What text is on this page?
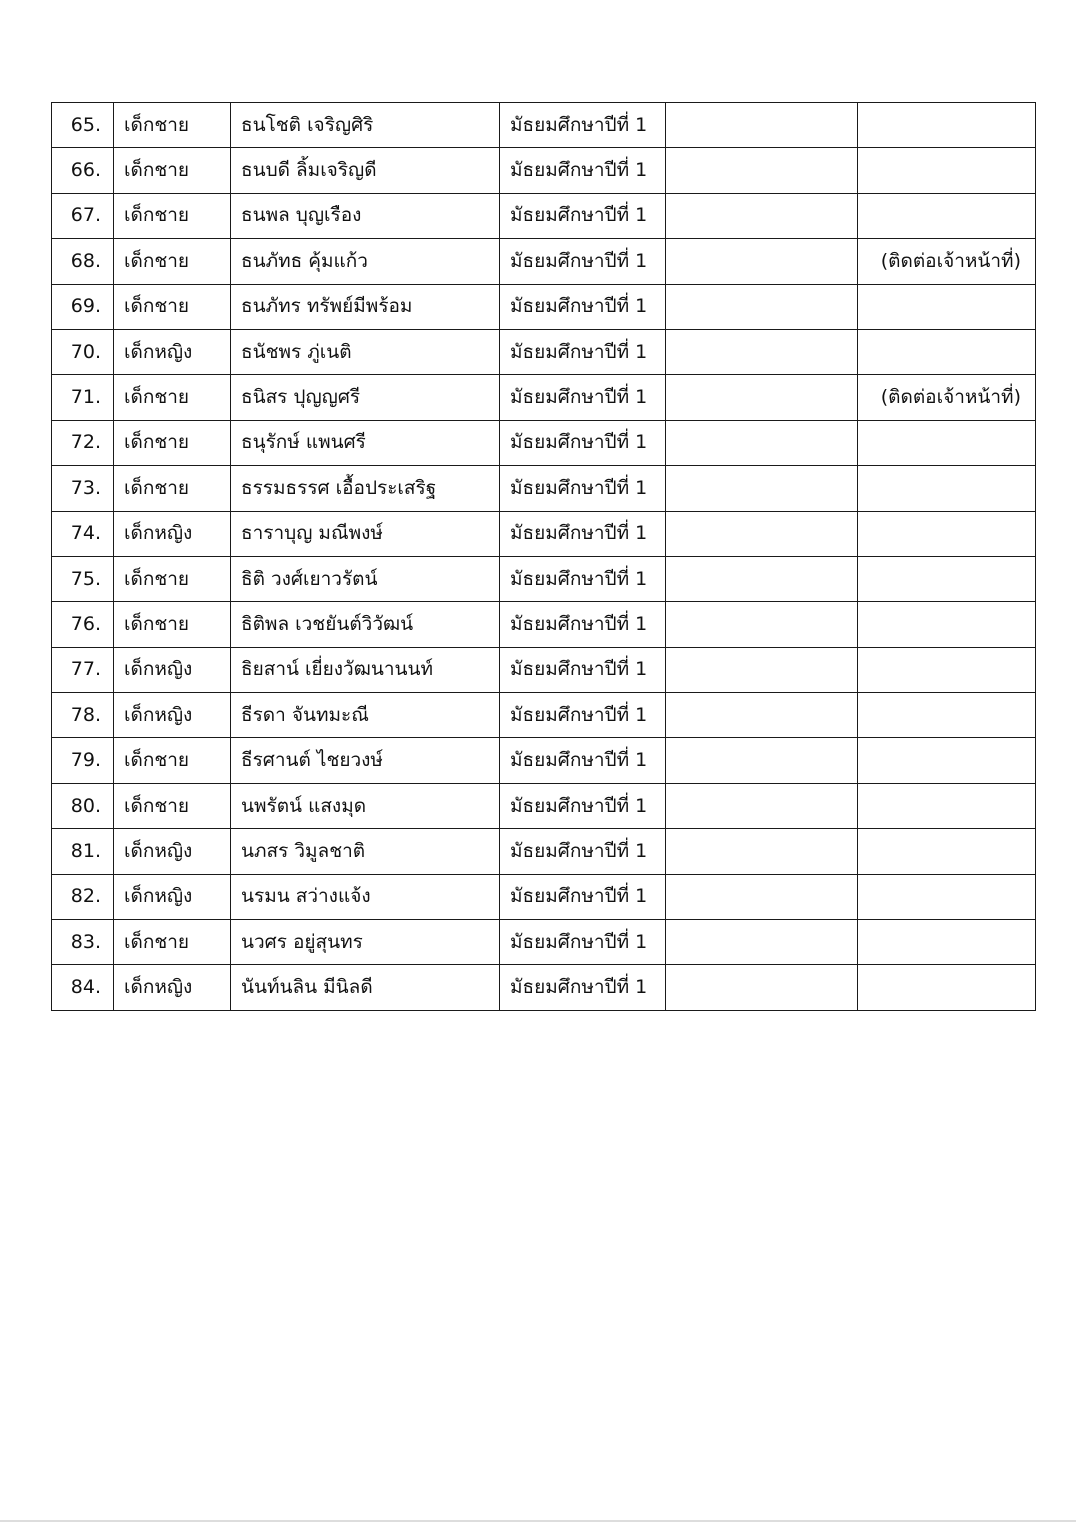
65.	เด็กชาย	ธนโชติ เจริญศิริ	มัธยมศึกษาปีที่ 1		
66.	เด็กชาย	ธนบดี ลิ้มเจริญดี	มัธยมศึกษาปีที่ 1		
67.	เด็กชาย	ธนพล บุญเรือง	มัธยมศึกษาปีที่ 1		
68.	เด็กชาย	ธนภัทธ คุ้มแก้ว	มัธยมศึกษาปีที่ 1		(ติดต่อเจ้าหน้าที่)
69.	เด็กชาย	ธนภัทร ทรัพย์มีพร้อม	มัธยมศึกษาปีที่ 1		
70.	เด็กหญิง	ธนัชพร ภู่เนติ	มัธยมศึกษาปีที่ 1		
71.	เด็กชาย	ธนิสร ปุญญศรี	มัธยมศึกษาปีที่ 1		(ติดต่อเจ้าหน้าที่)
72.	เด็กชาย	ธนุรักษ์ แพนศรี	มัธยมศึกษาปีที่ 1		
73.	เด็กชาย	ธรรมธรรศ เอื้อประเสริฐ	มัธยมศึกษาปีที่ 1		
74.	เด็กหญิง	ธาราบุญ มณีพงษ์	มัธยมศึกษาปีที่ 1		
75.	เด็กชาย	ธิติ วงศ์เยาวรัตน์	มัธยมศึกษาปีที่ 1		
76.	เด็กชาย	ธิติพล เวชยันต์วิวัฒน์	มัธยมศึกษาปีที่ 1		
77.	เด็กหญิง	ธิยสาน์ เยี่ยงวัฒนานนท์	มัธยมศึกษาปีที่ 1		
78.	เด็กหญิง	ธีรดา จันทมะณี	มัธยมศึกษาปีที่ 1		
79.	เด็กชาย	ธีรศานต์ ไชยวงษ์	มัธยมศึกษาปีที่ 1		
80.	เด็กชาย	นพรัตน์ แสงมุด	มัธยมศึกษาปีที่ 1		
81.	เด็กหญิง	นภสร วิมูลชาติ	มัธยมศึกษาปีที่ 1		
82.	เด็กหญิง	นรมน สว่างแจ้ง	มัธยมศึกษาปีที่ 1		
83.	เด็กชาย	นวศร อยู่สุนทร	มัธยมศึกษาปีที่ 1		
84.	เด็กหญิง	นันท์นลิน มีนิลดี	มัธยมศึกษาปีที่ 1		
